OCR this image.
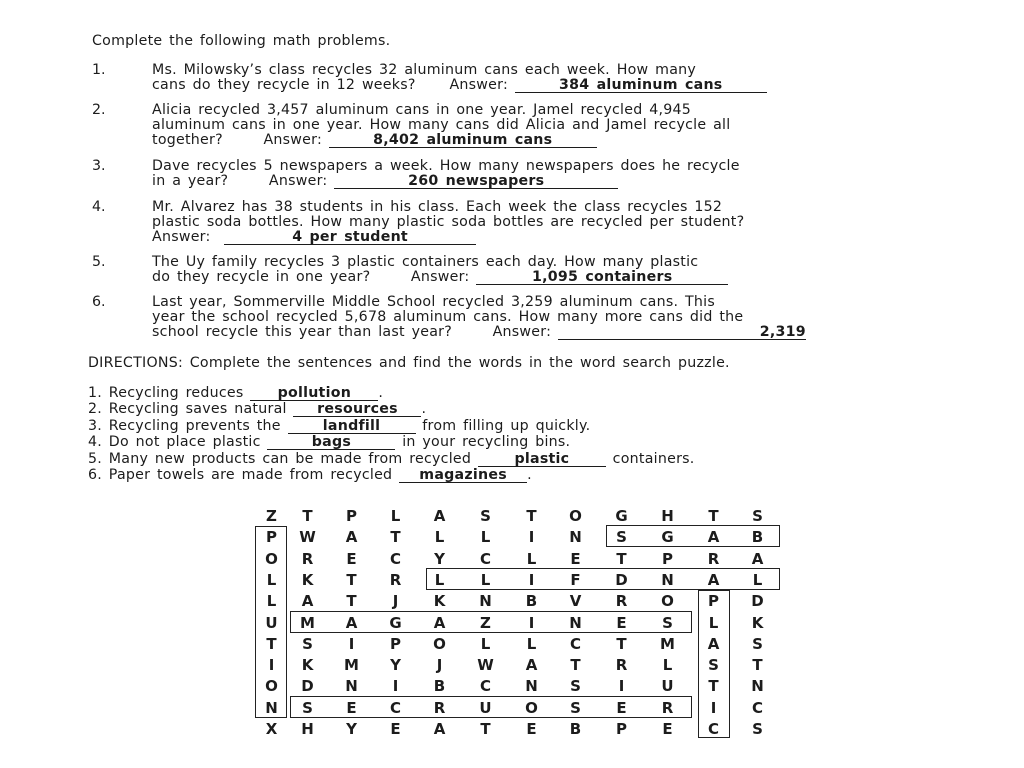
Complete the following math problems.
1.	Ms. Milowsky’s class recycles 32 aluminum cans each week. How many
cans do they recycle in 12 weeks? Answer:	384 aluminum cans
2.	Alicia recycled 3,457 aluminum cans in one year. Jamel recycled 4,945
aluminum cans in one year. How many cans did Alicia and Jamel recycle all
together?	Answer:	8,402 aluminum cans
3.	Dave recycles 5 newspapers a week. How many newspapers does he recycle
in a year?	Answer:	260 newspapers
4.	Mr. Alvarez has 38 students in his class. Each week the class recycles 152
plastic soda bottles. How many plastic soda bottles are recycled per student?
Answer:	4 per student
5.	The Uy family recycles 3 plastic containers each day. How many plastic
do they recycle in one year?	Answer:	1,095 containers
6.	Last year, Sommerville Middle School recycled 3,259 aluminum cans. This
year the school recycled 5,678 aluminum cans. How many more cans did the
school recycle this year than last year?	Answer:	2,319
DIRECTIONS: Complete the sentences and find the words in the word search puzzle.
1. Recycling reduces pollution .
2. Recycling saves natural resources .
3. Recycling prevents the	landfill	from filling up quickly.
4. Do not place plastic	bags	in your recycling bins.
5. Many new products can be made from recycled	plastic	containers.
6. Paper towels are made from recycled magazines .
Z	T	P	L	A	S	T	O	G	H	T	S
P	W	A	T	L	L	I	N	S	G	A	B
O	R	E	C	Y	C	L	E	T	P	R	A
L	K	T	R	L	L	I	F	D	N	A	L
L	A	T	J	K	N	B	V	R	O	P	D
U	M	A	G	A	Z	I	N	E	S	L	K
T	S	I	P	O	L	L	C	T	M	A	S
I	K	M	Y	J	W	A	T	R	L	S	T
O	D	N	I	B	C	N	S	I	U	T	N
N	S	E	C	R	U	O	S	E	R	I	C
X	H	Y	E	A	T	E	B	P	E	C	S
